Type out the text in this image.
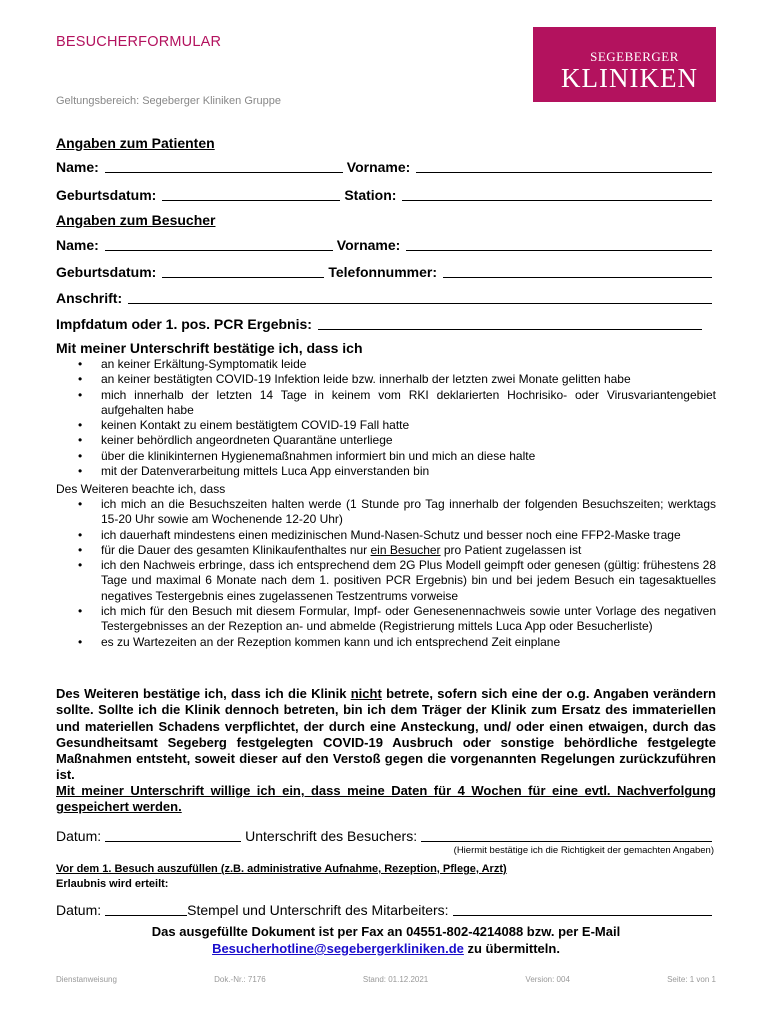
BESUCHERFORMULAR
SEGEBERGER
KLINIKEN
Geltungsbereich: Segeberger Kliniken Gruppe
Angaben zum Patienten
Name:	Vorname:
Geburtsdatum:	Station:
Angaben zum Besucher
Name:	Vorname:
Geburtsdatum:	Telefonnummer:
Anschrift:
Impfdatum oder 1. pos. PCR Ergebnis:
Mit meiner Unterschrift bestätige ich, dass ich
• an keiner Erkältung-Symptomatik leide
• an keiner bestätigten COVID-19 Infektion leide bzw. innerhalb der letzten zwei Monate gelitten habe
• mich innerhalb der letzten 14 Tage in keinem vom RKI deklarierten Hochrisiko- oder Virusvariantengebiet aufgehalten habe
• keinen Kontakt zu einem bestätigtem COVID-19 Fall hatte
• keiner behördlich angeordneten Quarantäne unterliege
• über die klinikinternen Hygienemaßnahmen informiert bin und mich an diese halte
• mit der Datenverarbeitung mittels Luca App einverstanden bin
Des Weiteren beachte ich, dass
• ich mich an die Besuchszeiten halten werde (1 Stunde pro Tag innerhalb der folgenden Besuchszeiten; werktags 15-20 Uhr sowie am Wochenende 12-20 Uhr)
• ich dauerhaft mindestens einen medizinischen Mund-Nasen-Schutz und besser noch eine FFP2-Maske trage
• für die Dauer des gesamten Klinikaufenthaltes nur ein Besucher pro Patient zugelassen ist
• ich den Nachweis erbringe, dass ich entsprechend dem 2G Plus Modell geimpft oder genesen (gültig: frühestens 28 Tage und maximal 6 Monate nach dem 1. positiven PCR Ergebnis) bin und bei jedem Besuch ein tagesaktuelles negatives Testergebnis eines zugelassenen Testzentrums vorweise
• ich mich für den Besuch mit diesem Formular, Impf- oder Genesenennachweis sowie unter Vorlage des negativen Testergebnisses an der Rezeption an- und abmelde (Registrierung mittels Luca App oder Besucherliste)
• es zu Wartezeiten an der Rezeption kommen kann und ich entsprechend Zeit einplane
Des Weiteren bestätige ich, dass ich die Klinik nicht betrete, sofern sich eine der o.g. Angaben verändern sollte. Sollte ich die Klinik dennoch betreten, bin ich dem Träger der Klinik zum Ersatz des immateriellen und materiellen Schadens verpflichtet, der durch eine Ansteckung, und/ oder einen etwaigen, durch das Gesundheitsamt Segeberg festgelegten COVID-19 Ausbruch oder sonstige behördliche festgelegte Maßnahmen entsteht, soweit dieser auf den Verstoß gegen die vorgenannten Regelungen zurückzuführen ist.
Mit meiner Unterschrift willige ich ein, dass meine Daten für 4 Wochen für eine evtl. Nachverfolgung gespeichert werden.
Datum:	Unterschrift des Besuchers:
(Hiermit bestätige ich die Richtigkeit der gemachten Angaben)
Vor dem 1. Besuch auszufüllen (z.B. administrative Aufnahme, Rezeption, Pflege, Arzt)
Erlaubnis wird erteilt:
Datum:	Stempel und Unterschrift des Mitarbeiters:
Das ausgefüllte Dokument ist per Fax an 04551-802-4214088 bzw. per E-Mail
Besucherhotline@segebergerkliniken.de zu übermitteln.
Dienstanweisung	Dok.-Nr.: 7176	Stand: 01.12.2021	Version: 004	Seite: 1 von 1
